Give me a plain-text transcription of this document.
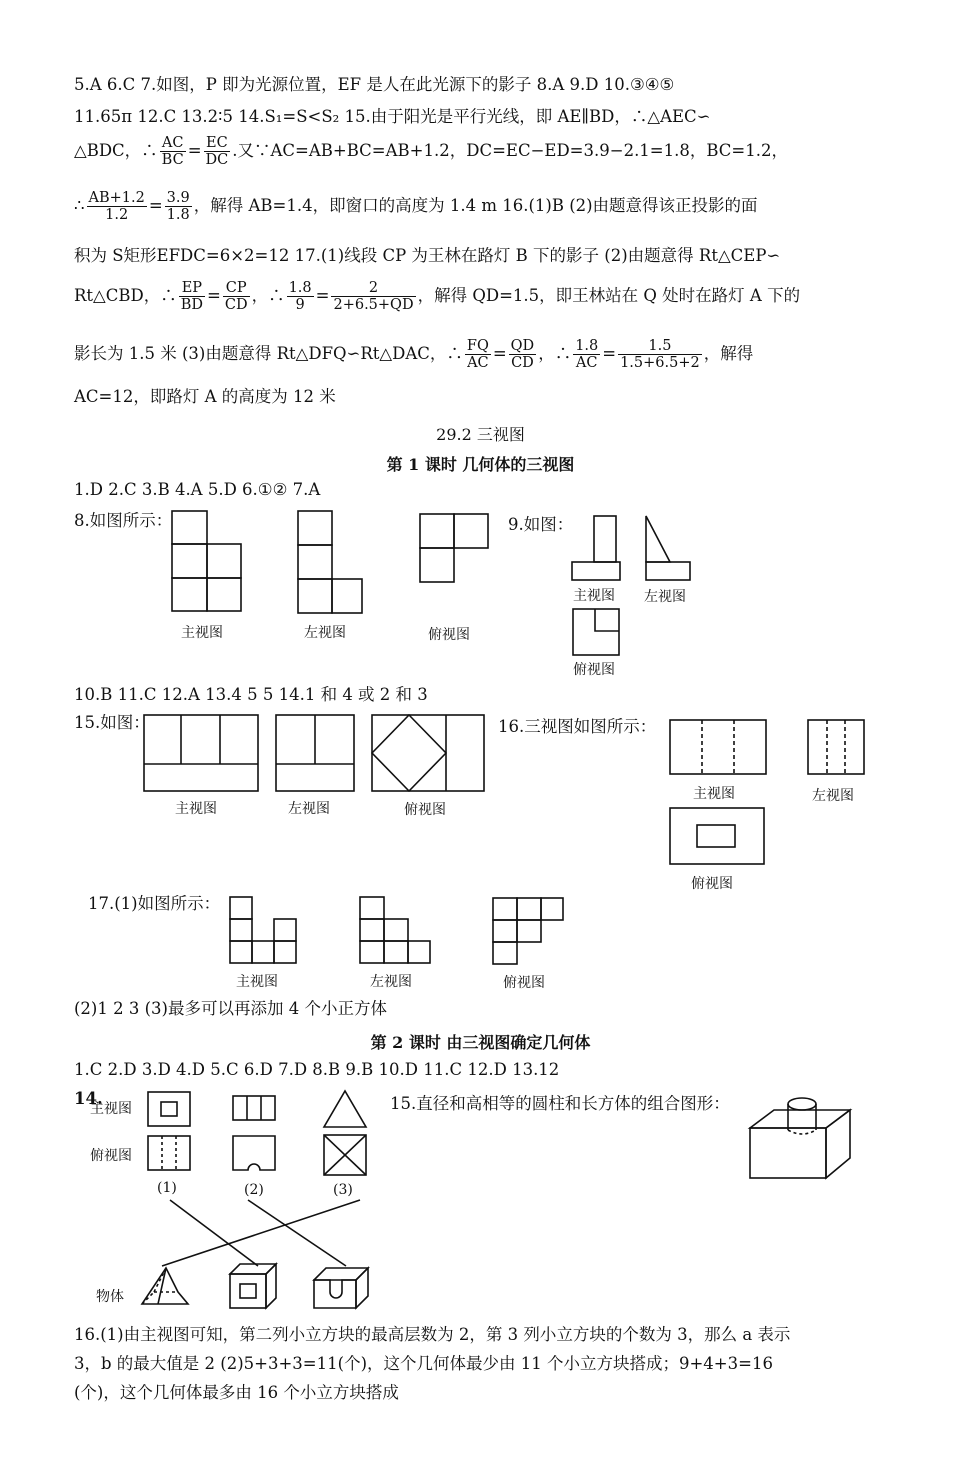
5.A 6.C 7.如图，P 即为光源位置，EF 是人在此光源下的影子 8.A 9.D 10.③④⑤
11.65π 12.C 13.2∶5 14.S₁=S<S₂ 15.由于阳光是平行光线，即 AE∥BD，∴△AEC∽
△BDC，∴ $\frac{AC}{BC} = \frac{EC}{DC}$ .又∵AC=AB+BC=AB+1.2，DC=EC−ED=3.9−2.1=1.8，BC=1.2，
∴ $\frac{AB+1.2}{1.2} = \frac{3.9}{1.8}$ ，解得 AB=1.4，即窗口的高度为 1.4 m 16.(1)B (2)由题意得该正投影的面
积为 S矩形EFDC=6×2=12 17.(1)线段 CP 为王林在路灯 B 下的影子 (2)由题意得 Rt△CEP∽
Rt△CBD，∴ $\frac{EP}{BD} = \frac{CP}{CD}$ ，∴ $\frac{1.8}{9} = \frac{2}{2+6.5+QD}$ ，解得 QD=1.5，即王林站在 Q 处时在路灯 A 下的
影长为 1.5 米 (3)由题意得 Rt△DFQ∽Rt△DAC，∴ $\frac{FQ}{AC} = \frac{QD}{CD}$ ，∴ $\frac{1.8}{AC} = \frac{1.5}{1.5+6.5+2}$ ，解得
AC=12，即路灯 A 的高度为 12 米
29.2 三视图
第 1 课时 几何体的三视图
1.D 2.C 3.B 4.A 5.D 6.①② 7.A
8.如图所示：
主视图	左视图	俯视图
9.如图：
主视图 左视图
俯视图
10.B 11.C 12.A 13.4 5 5 14.1 和 4 或 2 和 3
15.如图：
主视图	左视图	俯视图
16.三视图如图所示：
主视图	左视图
俯视图
17.(1)如图所示：
主视图	左视图	俯视图
(2)1 2 3 (3)最多可以再添加 4 个小正方体
第 2 课时 由三视图确定几何体
1.C 2.D 3.D 4.D 5.C 6.D 7.D 8.B 9.B 10.D 11.C 12.D 13.12
14.
主视图
俯视图
(1)	(2)	(3)
物体
15.直径和高相等的圆柱和长方体的组合图形：
16.(1)由主视图可知，第二列小立方块的最高层数为 2，第 3 列小立方块的个数为 3，那么 a 表示
3，b 的最大值是 2 (2)5+3+3=11(个)，这个几何体最少由 11 个小立方块搭成；9+4+3=16
(个)，这个几何体最多由 16 个小立方块搭成
